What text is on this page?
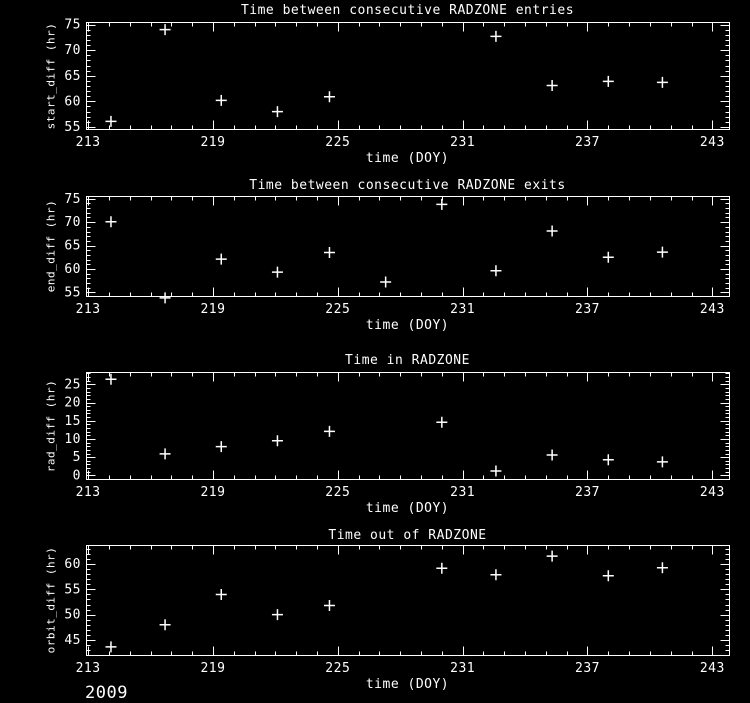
Time between consecutive RADZONE entries
start_diff (hr)
213	219	225	231	237	243
55
60
65
70
75
time (DOY)
Time between consecutive RADZONE exits
end_diff (hr)
213	219	225	231	237	243
55
60
65
70
75
time (DOY)
Time in RADZONE
rad_diff (hr)
213	219	225	231	237	243
0
5
10
15
20
25
time (DOY)
Time out of RADZONE
orbit_diff (hr)
213	219	225	231	237	243
45
50
55
60
time (DOY)
2009
